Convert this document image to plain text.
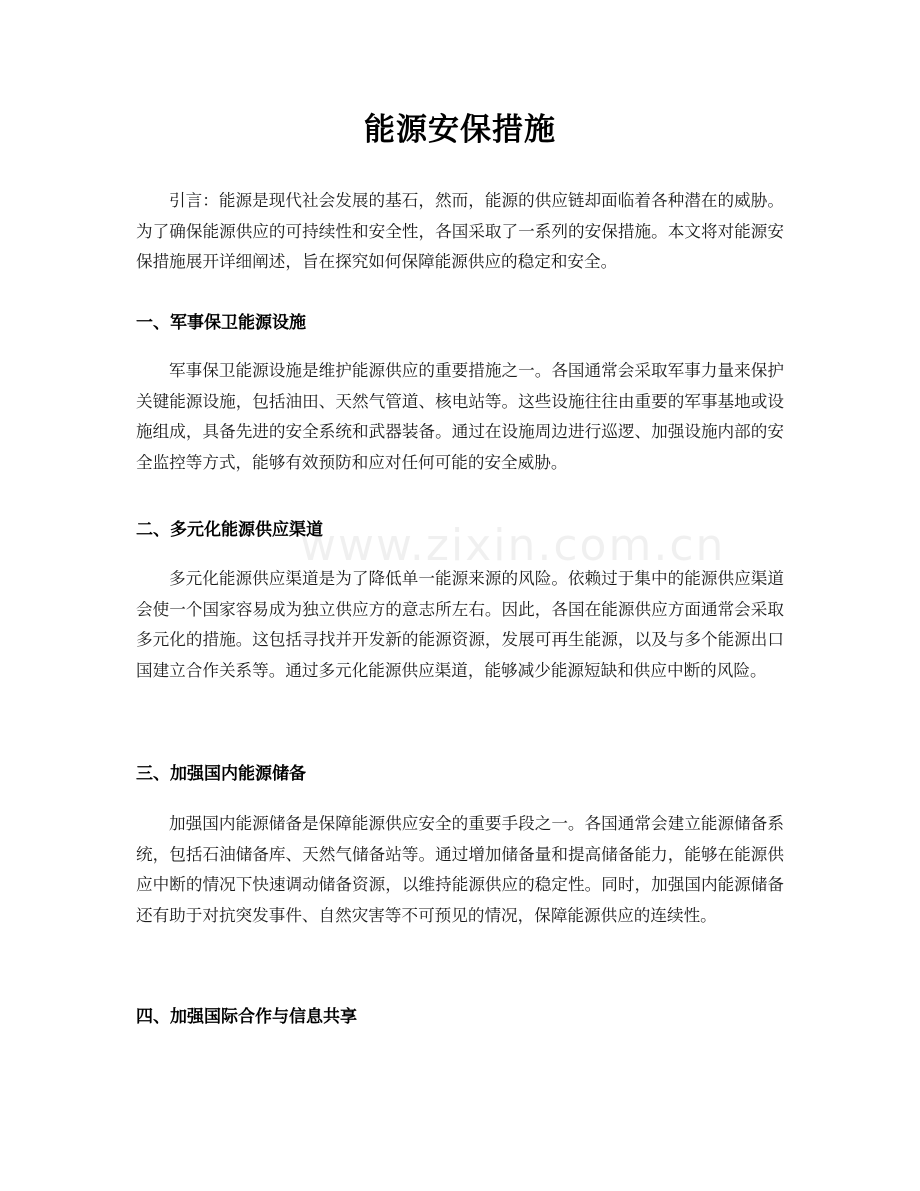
能源安保措施
引言：能源是现代社会发展的基石，然而，能源的供应链却面临着各种潜在的威胁。为了确保能源供应的可持续性和安全性，各国采取了一系列的安保措施。本文将对能源安保措施展开详细阐述，旨在探究如何保障能源供应的稳定和安全。
一、军事保卫能源设施
军事保卫能源设施是维护能源供应的重要措施之一。各国通常会采取军事力量来保护关键能源设施，包括油田、天然气管道、核电站等。这些设施往往由重要的军事基地或设施组成，具备先进的安全系统和武器装备。通过在设施周边进行巡逻、加强设施内部的安全监控等方式，能够有效预防和应对任何可能的安全威胁。
二、多元化能源供应渠道
多元化能源供应渠道是为了降低单一能源来源的风险。依赖过于集中的能源供应渠道会使一个国家容易成为独立供应方的意志所左右。因此，各国在能源供应方面通常会采取多元化的措施。这包括寻找并开发新的能源资源，发展可再生能源，以及与多个能源出口国建立合作关系等。通过多元化能源供应渠道，能够减少能源短缺和供应中断的风险。
三、加强国内能源储备
加强国内能源储备是保障能源供应安全的重要手段之一。各国通常会建立能源储备系统，包括石油储备库、天然气储备站等。通过增加储备量和提高储备能力，能够在能源供应中断的情况下快速调动储备资源，以维持能源供应的稳定性。同时，加强国内能源储备还有助于对抗突发事件、自然灾害等不可预见的情况，保障能源供应的连续性。
四、加强国际合作与信息共享
www.zixin.com.cn
